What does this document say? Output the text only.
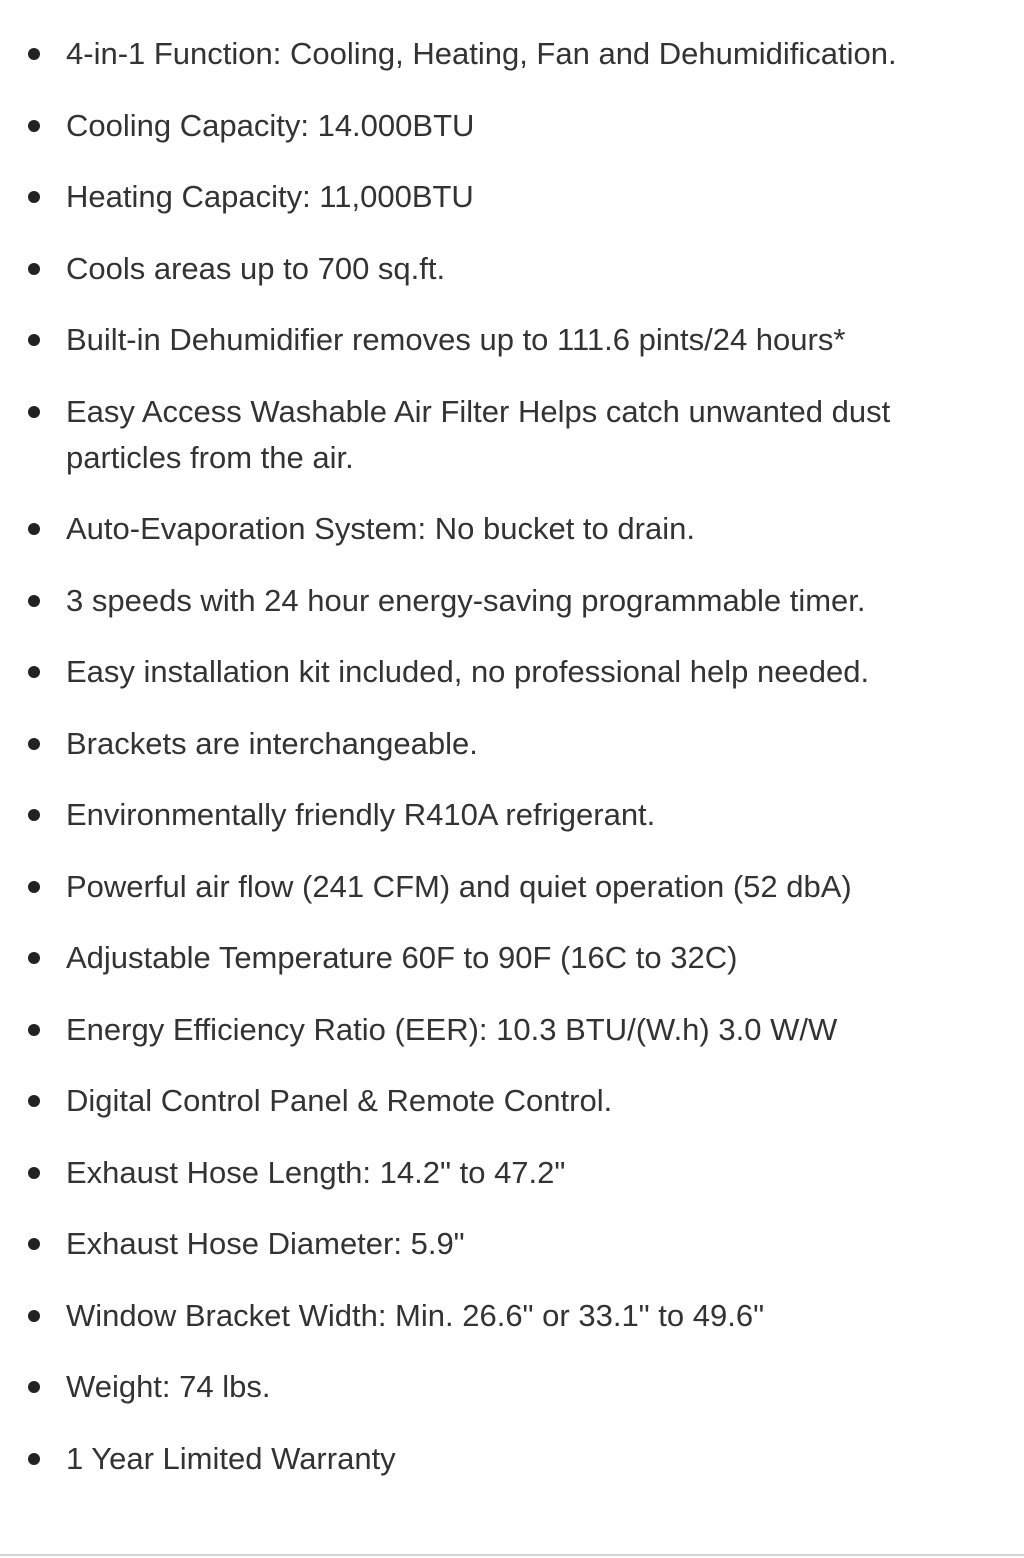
4-in-1 Function: Cooling, Heating, Fan and Dehumidification.
Cooling Capacity: 14.000BTU
Heating Capacity: 11,000BTU
Cools areas up to 700 sq.ft.
Built-in Dehumidifier removes up to 111.6 pints/24 hours*
Easy Access Washable Air Filter Helps catch unwanted dust particles from the air.
Auto-Evaporation System: No bucket to drain.
3 speeds with 24 hour energy-saving programmable timer.
Easy installation kit included, no professional help needed.
Brackets are interchangeable.
Environmentally friendly R410A refrigerant.
Powerful air flow (241 CFM) and quiet operation (52 dbA)
Adjustable Temperature 60F to 90F (16C to 32C)
Energy Efficiency Ratio (EER): 10.3 BTU/(W.h) 3.0 W/W
Digital Control Panel & Remote Control.
Exhaust Hose Length: 14.2" to 47.2"
Exhaust Hose Diameter: 5.9"
Window Bracket Width: Min. 26.6" or 33.1" to 49.6"
Weight: 74 lbs.
1 Year Limited Warranty
